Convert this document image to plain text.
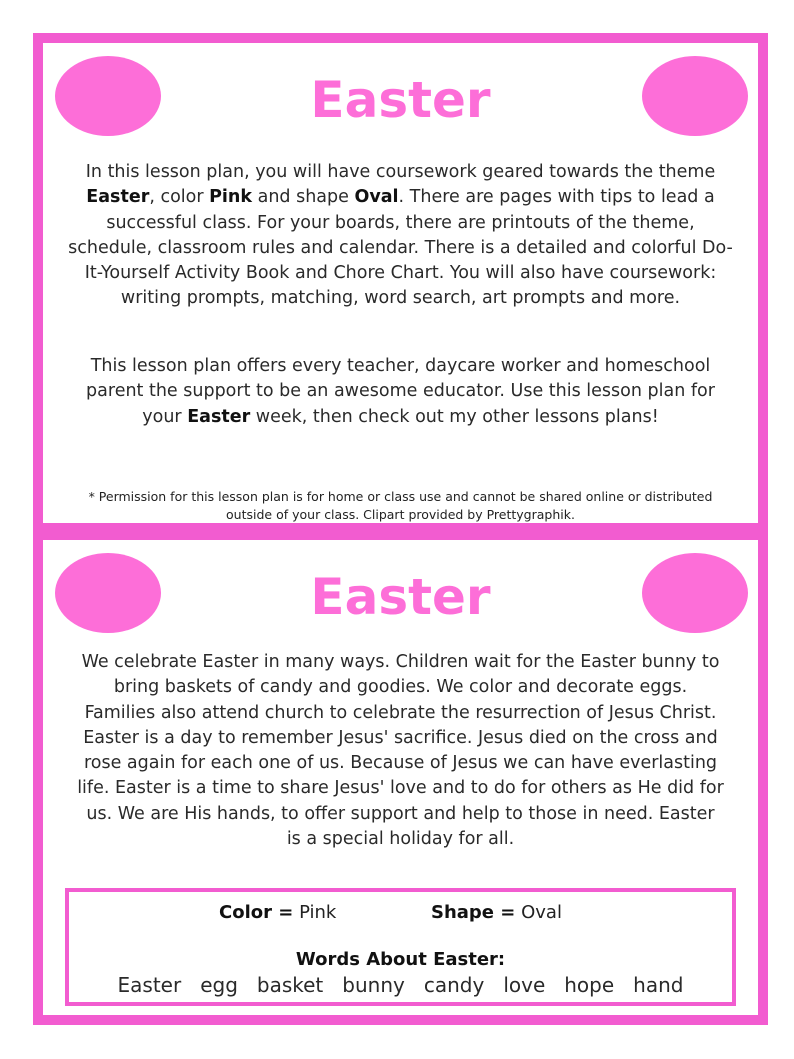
Easter
In this lesson plan, you will have coursework geared towards the theme Easter, color Pink and shape Oval. There are pages with tips to lead a successful class. For your boards, there are printouts of the theme, schedule, classroom rules and calendar. There is a detailed and colorful Do-It-Yourself Activity Book and Chore Chart. You will also have coursework: writing prompts, matching, word search, art prompts and more.
This lesson plan offers every teacher, daycare worker and homeschool parent the support to be an awesome educator. Use this lesson plan for your Easter week, then check out my other lessons plans!
* Permission for this lesson plan is for home or class use and cannot be shared online or distributed outside of your class. Clipart provided by Prettygraphik.
Easter
We celebrate Easter in many ways. Children wait for the Easter bunny to bring baskets of candy and goodies. We color and decorate eggs. Families also attend church to celebrate the resurrection of Jesus Christ. Easter is a day to remember Jesus' sacrifice. Jesus died on the cross and rose again for each one of us. Because of Jesus we can have everlasting life. Easter is a time to share Jesus' love and to do for others as He did for us. We are His hands, to offer support and help to those in need. Easter is a special holiday for all.
Color = Pink	Shape = Oval
Words About Easter:
Easter egg basket bunny candy love hope hand
